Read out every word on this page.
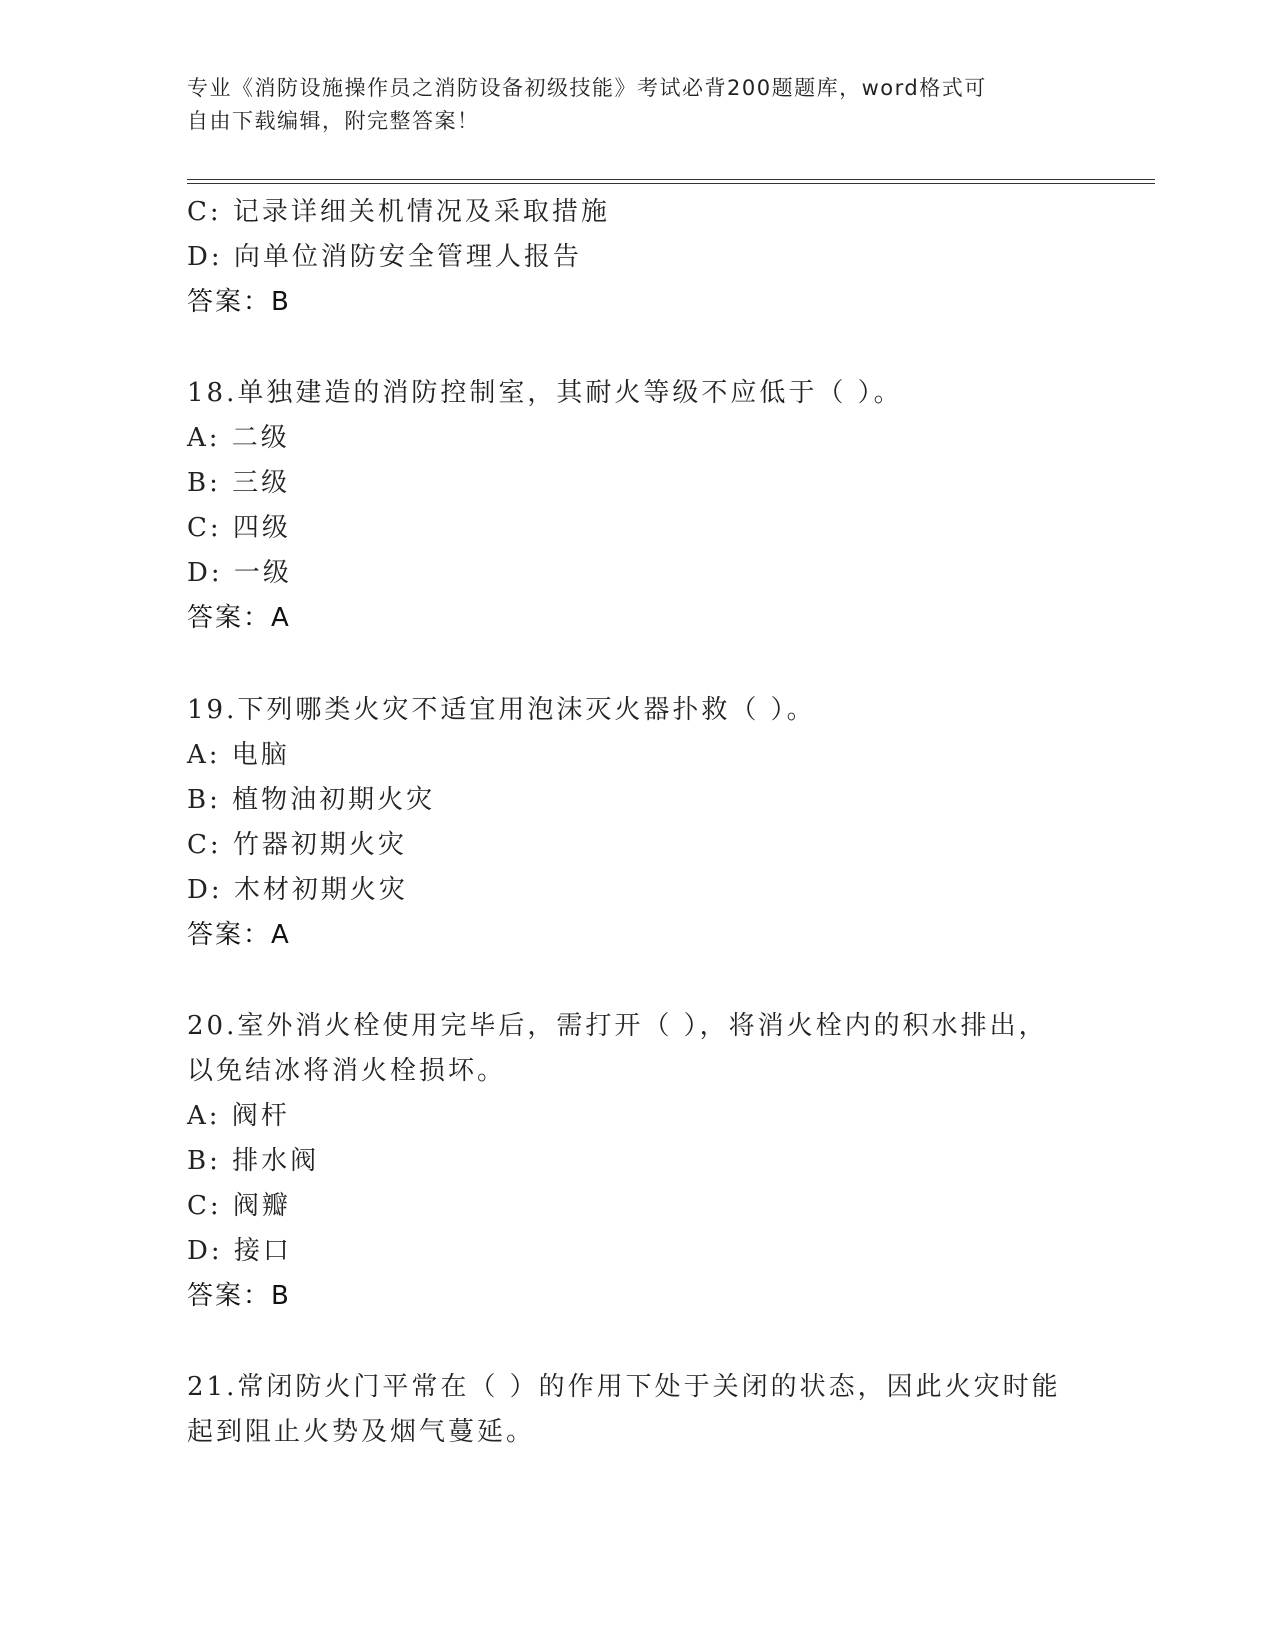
专业《消防设施操作员之消防设备初级技能》考试必背200题题库，word格式可
自由下载编辑，附完整答案！
C: 记录详细关机情况及采取措施
D: 向单位消防安全管理人报告
答案：B
18.单独建造的消防控制室，其耐火等级不应低于（ ）。
A: 二级
B: 三级
C: 四级
D: 一级
答案：A
19.下列哪类火灾不适宜用泡沫灭火器扑救（ ）。
A: 电脑
B: 植物油初期火灾
C: 竹器初期火灾
D: 木材初期火灾
答案：A
20.室外消火栓使用完毕后，需打开（ ），将消火栓内的积水排出，
以免结冰将消火栓损坏。
A: 阀杆
B: 排水阀
C: 阀瓣
D: 接口
答案：B
21.常闭防火门平常在（ ）的作用下处于关闭的状态，因此火灾时能
起到阻止火势及烟气蔓延。
